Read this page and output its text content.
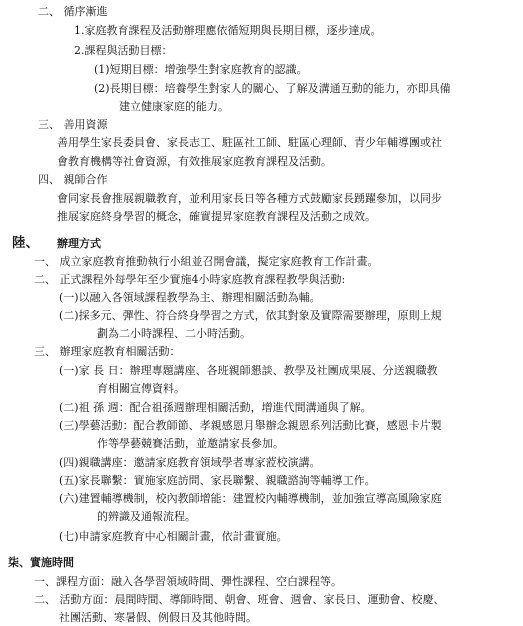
二、 循序漸進
1.家庭教育課程及活動辦理應依循短期與長期目標，逐步達成。
2.課程與活動目標：
(1)短期目標：增強學生對家庭教育的認識。
(2)長期目標：培養學生對家人的關心、了解及溝通互動的能力，亦即具備
建立健康家庭的能力。
三、 善用資源
善用學生家長委員會、家長志工、駐區社工師、駐區心理師、青少年輔導團或社
會教育機構等社會資源，有效推展家庭教育課程及活動。
四、 親師合作
會同家長會推展親職教育，並利用家長日等各種方式鼓勵家長踴躍參加，以同步
推展家庭終身學習的概念，確實提昇家庭教育課程及活動之成效。
陸、 辦理方式
一、 成立家庭教育推動執行小組並召開會議，擬定家庭教育工作計畫。
二、 正式課程外每學年至少實施4小時家庭教育課程教學與活動:
(一)以融入各領域課程教學為主、辦理相關活動為輔。
(二)採多元、彈性、符合終身學習之方式，依其對象及實際需要辦理，原則上規
劃為二小時課程、二小時活動。
三、 辦理家庭教育相關活動：
(一)家 長 日：辦理專題講座、各班親師懇談、教學及社團成果展、分送親職教
育相關宣傳資料。
(二)祖 孫 週：配合祖孫週辦理相關活動，增進代間溝通與了解。
(三)學藝活動：配合教師節、孝親感恩月舉辦念親恩系列活動比賽，感恩卡片製
作等學藝競賽活動，並邀請家長參加。
(四)親職講座：邀請家庭教育領域學者專家蒞校演講。
(五)家長聯繫：實施家庭訪問、家長聯繫、親職諮詢等輔導工作。
(六)建置輔導機制，校內教師增能：建置校內輔導機制，並加強宣導高風險家庭
的辨識及通報流程。
(七)申請家庭教育中心相關計畫，依計畫實施。
柒、實施時間
一、課程方面：融入各學習領域時間、彈性課程、空白課程等。
二、 活動方面：晨間時間、導師時間、朝會、班會、週會、家長日、運動會、校慶、
社團活動、寒暑假、例假日及其他時間。
